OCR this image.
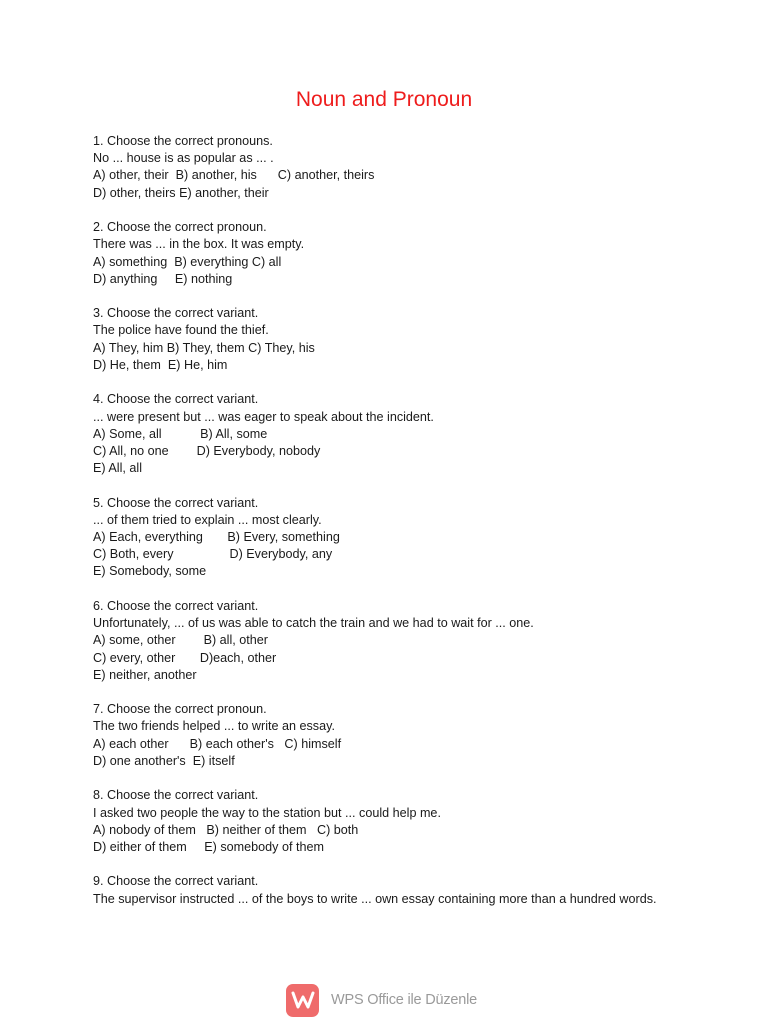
Noun and Pronoun
1. Choose the correct pronouns.
No ... house is as popular as ... .
A) other, their  B) another, his      C) another, theirs
D) other, theirs E) another, their
2. Choose the correct pronoun.
There was ... in the box. It was empty.
A) something  B) everything C) all
D) anything     E) nothing
3. Choose the correct variant.
The police have found the thief.
A) They, him B) They, them C) They, his
D) He, them  E) He, him
4. Choose the correct variant.
... were present but ... was eager to speak about the incident.
A) Some, all           B) All, some
C) All, no one        D) Everybody, nobody
E) All, all
5. Choose the correct variant.
... of them tried to explain ... most clearly.
A) Each, everything       B) Every, something
C) Both, every                D) Everybody, any
E) Somebody, some
6. Choose the correct variant.
Unfortunately, ... of us was able to catch the train and we had to wait for ... one.
A) some, other        B) all, other
C) every, other       D)each, other
E) neither, another
7. Choose the correct pronoun.
The two friends helped ... to write an essay.
A) each other      B) each other's   C) himself
D) one another's  E) itself
8. Choose the correct variant.
I asked two people the way to the station but ... could help me.
A) nobody of them   B) neither of them   C) both
D) either of them     E) somebody of them
9. Choose the correct variant.
The supervisor instructed ... of the boys to write ... own essay containing more than a hundred words.
WPS Office ile Düzenle
